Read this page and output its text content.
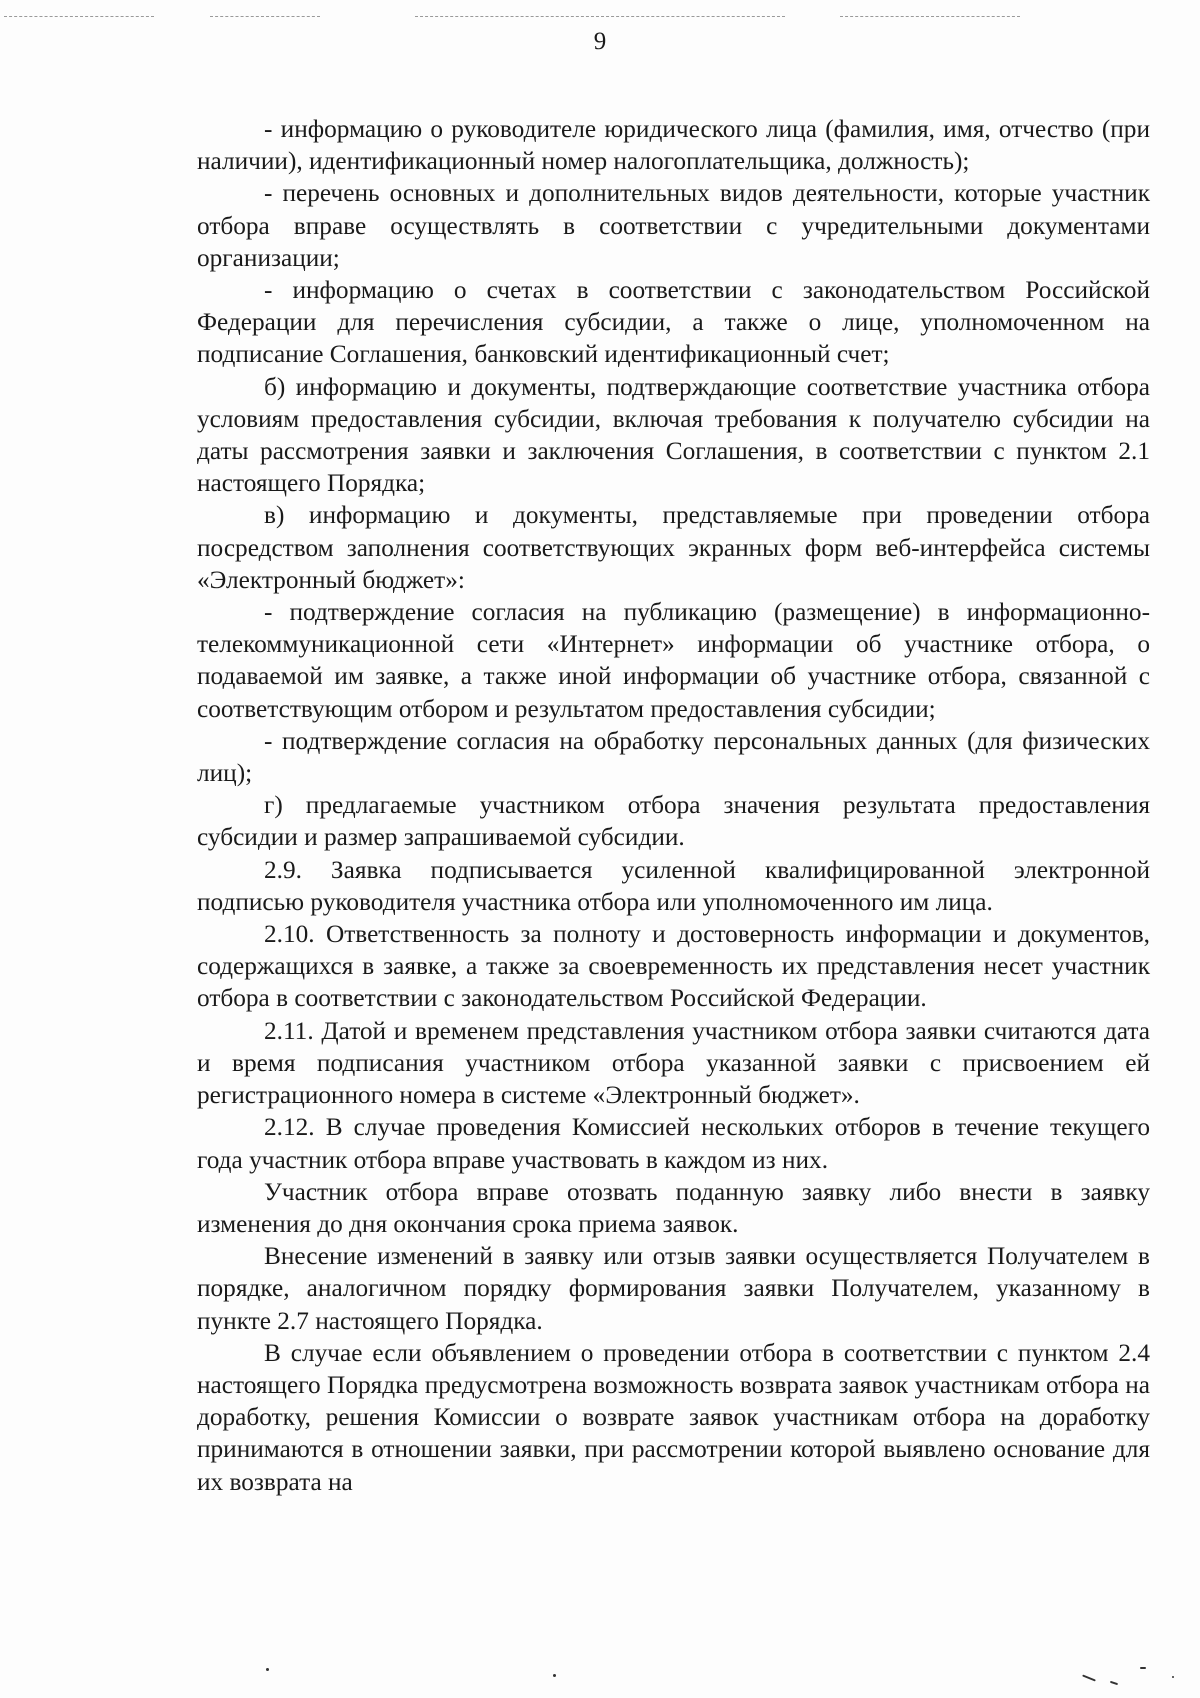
9

- информацию о руководителе юридического лица (фамилия, имя, отчество (при наличии), идентификационный номер налогоплательщика, должность);

- перечень основных и дополнительных видов деятельности, которые участник отбора вправе осуществлять в соответствии с учредительными документами организации;

- информацию о счетах в соответствии с законодательством Российской Федерации для перечисления субсидии, а также о лице, уполномоченном на подписание Соглашения, банковский идентификационный счет;

б) информацию и документы, подтверждающие соответствие участника отбора условиям предоставления субсидии, включая требования к получателю субсидии на даты рассмотрения заявки и заключения Соглашения, в соответствии с пунктом 2.1 настоящего Порядка;

в) информацию и документы, представляемые при проведении отбора посредством заполнения соответствующих экранных форм веб-интерфейса системы «Электронный бюджет»:

- подтверждение согласия на публикацию (размещение) в информационно-телекоммуникационной сети «Интернет» информации об участнике отбора, о подаваемой им заявке, а также иной информации об участнике отбора, связанной с соответствующим отбором и результатом предоставления субсидии;

- подтверждение согласия на обработку персональных данных (для физических лиц);

г) предлагаемые участником отбора значения результата предоставления субсидии и размер запрашиваемой субсидии.

2.9. Заявка подписывается усиленной квалифицированной электронной подписью руководителя участника отбора или уполномоченного им лица.

2.10. Ответственность за полноту и достоверность информации и документов, содержащихся в заявке, а также за своевременность их представления несет участник отбора в соответствии с законодательством Российской Федерации.

2.11. Датой и временем представления участником отбора заявки считаются дата и время подписания участником отбора указанной заявки с присвоением ей регистрационного номера в системе «Электронный бюджет».

2.12. В случае проведения Комиссией нескольких отборов в течение текущего года участник отбора вправе участвовать в каждом из них.

Участник отбора вправе отозвать поданную заявку либо внести в заявку изменения до дня окончания срока приема заявок.

Внесение изменений в заявку или отзыв заявки осуществляется Получателем в порядке, аналогичном порядку формирования заявки Получателем, указанному в пункте 2.7 настоящего Порядка.

В случае если объявлением о проведении отбора в соответствии с пунктом 2.4 настоящего Порядка предусмотрена возможность возврата заявок участникам отбора на доработку, решения Комиссии о возврате заявок участникам отбора на доработку принимаются в отношении заявки, при рассмотрении которой выявлено основание для их возврата на
